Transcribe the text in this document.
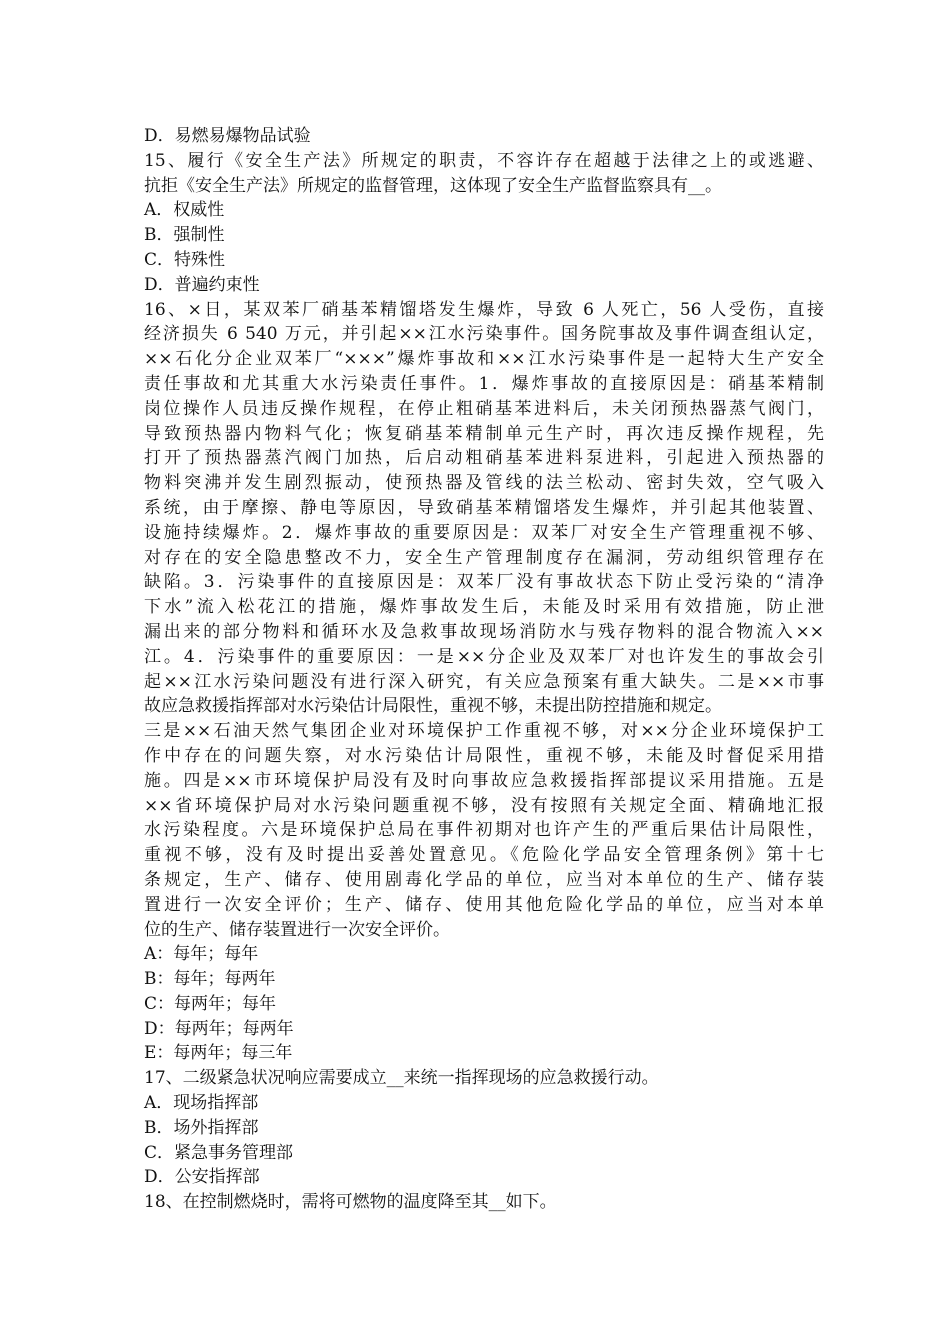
D．易燃易爆物品试验
15、履行《安全生产法》所规定的职责，不容许存在超越于法律之上的或逃避、
抗拒《安全生产法》所规定的监督管理，这体现了安全生产监督监察具有__。
A．权威性
B．强制性
C．特殊性
D．普遍约束性
16、×日，某双苯厂硝基苯精馏塔发生爆炸，导致 6 人死亡，56 人受伤，直接
经济损失 6 540 万元，并引起××江水污染事件。国务院事故及事件调查组认定，
××石化分企业双苯厂“×××”爆炸事故和××江水污染事件是一起特大生产安全
责任事故和尤其重大水污染责任事件。1．爆炸事故的直接原因是：硝基苯精制
岗位操作人员违反操作规程，在停止粗硝基苯进料后，未关闭预热器蒸气阀门，
导致预热器内物料气化；恢复硝基苯精制单元生产时，再次违反操作规程，先
打开了预热器蒸汽阀门加热，后启动粗硝基苯进料泵进料，引起进入预热器的
物料突沸并发生剧烈振动，使预热器及管线的法兰松动、密封失效，空气吸入
系统，由于摩擦、静电等原因，导致硝基苯精馏塔发生爆炸，并引起其他装置、
设施持续爆炸。2．爆炸事故的重要原因是：双苯厂对安全生产管理重视不够、
对存在的安全隐患整改不力，安全生产管理制度存在漏洞，劳动组织管理存在
缺陷。3．污染事件的直接原因是：双苯厂没有事故状态下防止受污染的“清净
下水”流入松花江的措施，爆炸事故发生后，未能及时采用有效措施，防止泄
漏出来的部分物料和循环水及急救事故现场消防水与残存物料的混合物流入××
江。4．污染事件的重要原因：一是××分企业及双苯厂对也许发生的事故会引
起××江水污染问题没有进行深入研究，有关应急预案有重大缺失。二是××市事
故应急救援指挥部对水污染估计局限性，重视不够，未提出防控措施和规定。
三是××石油天然气集团企业对环境保护工作重视不够，对××分企业环境保护工
作中存在的问题失察，对水污染估计局限性，重视不够，未能及时督促采用措
施。四是××市环境保护局没有及时向事故应急救援指挥部提议采用措施。五是
××省环境保护局对水污染问题重视不够，没有按照有关规定全面、精确地汇报
水污染程度。六是环境保护总局在事件初期对也许产生的严重后果估计局限性，
重视不够，没有及时提出妥善处置意见。《危险化学品安全管理条例》第十七
条规定，生产、储存、使用剧毒化学品的单位，应当对本单位的生产、储存装
置进行一次安全评价；生产、储存、使用其他危险化学品的单位，应当对本单
位的生产、储存装置进行一次安全评价。
A：每年；每年
B：每年；每两年
C：每两年；每年
D：每两年；每两年
E：每两年；每三年
17、二级紧急状况响应需要成立__来统一指挥现场的应急救援行动。
A．现场指挥部
B．场外指挥部
C．紧急事务管理部
D．公安指挥部
18、在控制燃烧时，需将可燃物的温度降至其__如下。
